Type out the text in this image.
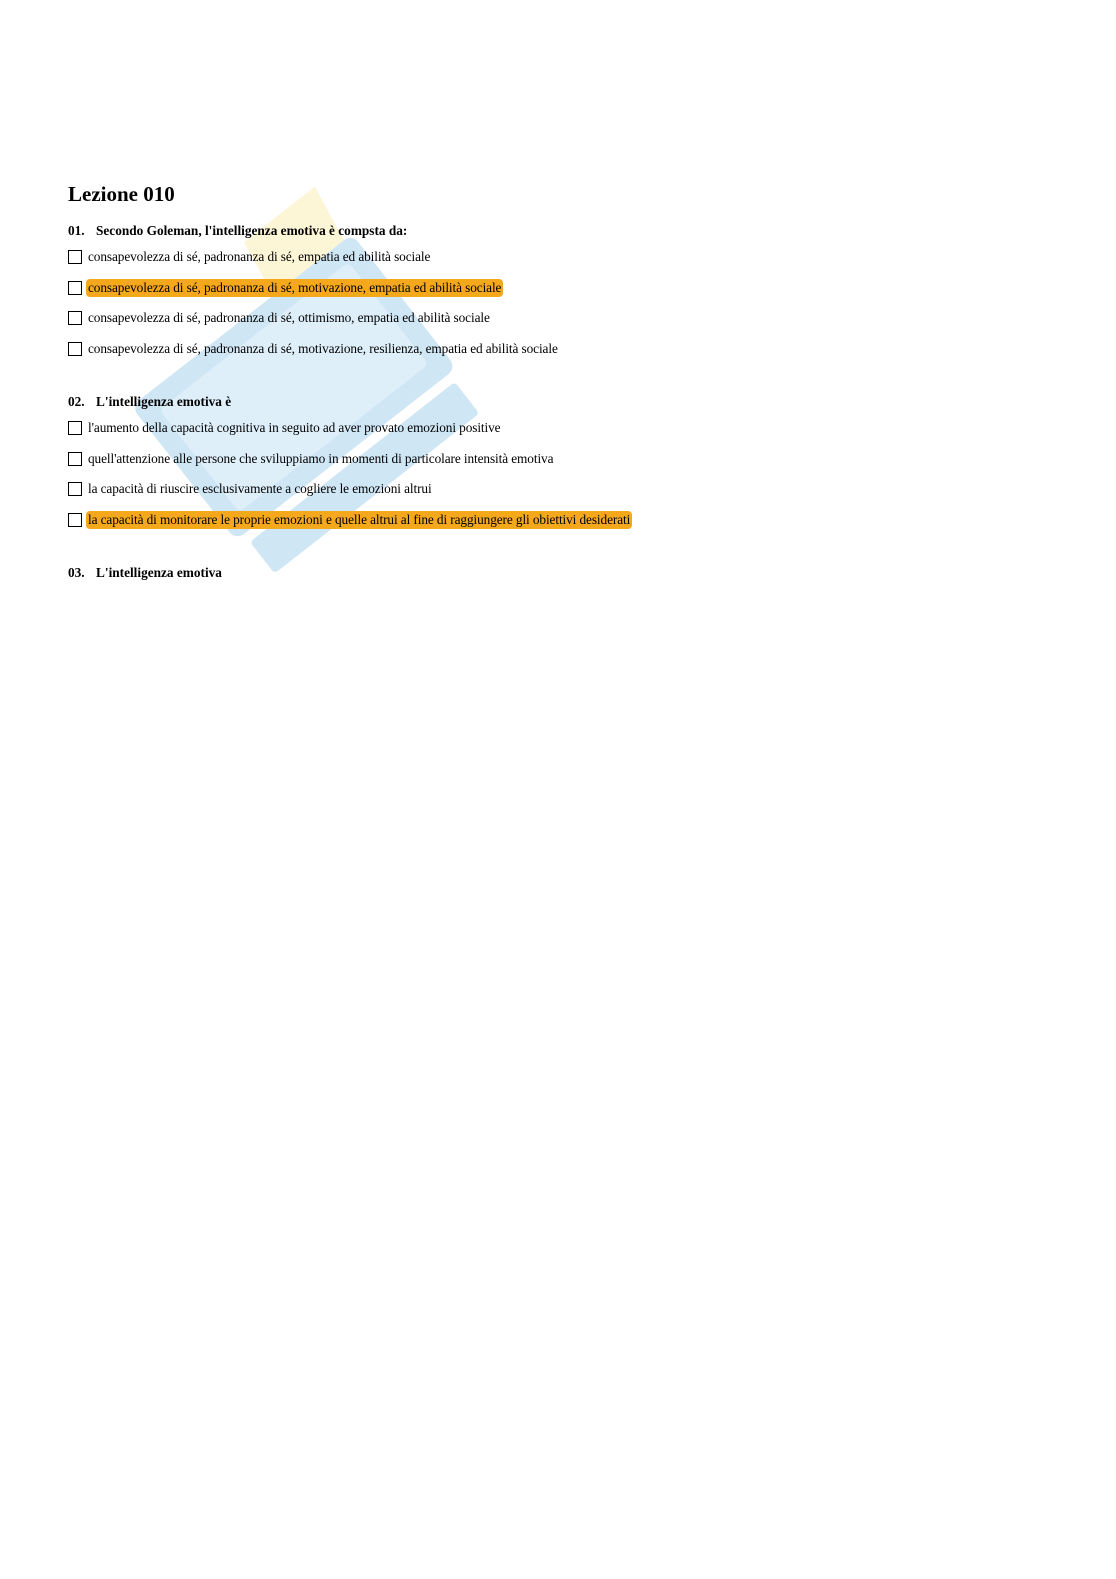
Lezione 010
01. Secondo Goleman, l'intelligenza emotiva è compsta da:
consapevolezza di sé, padronanza di sé, empatia ed abilità sociale
consapevolezza di sé, padronanza di sé, motivazione, empatia ed abilità sociale
consapevolezza di sé, padronanza di sé, ottimismo, empatia ed abilità sociale
consapevolezza di sé, padronanza di sé, motivazione, resilienza, empatia ed abilità sociale
02. L'intelligenza emotiva è
l'aumento della capacità cognitiva in seguito ad aver provato emozioni positive
quell'attenzione alle persone che sviluppiamo in momenti di particolare intensità emotiva
la capacità di riuscire esclusivamente a cogliere le emozioni altrui
la capacità di monitorare le proprie emozioni e quelle altrui al fine di raggiungere gli obiettivi desiderati
03. L'intelligenza emotiva
